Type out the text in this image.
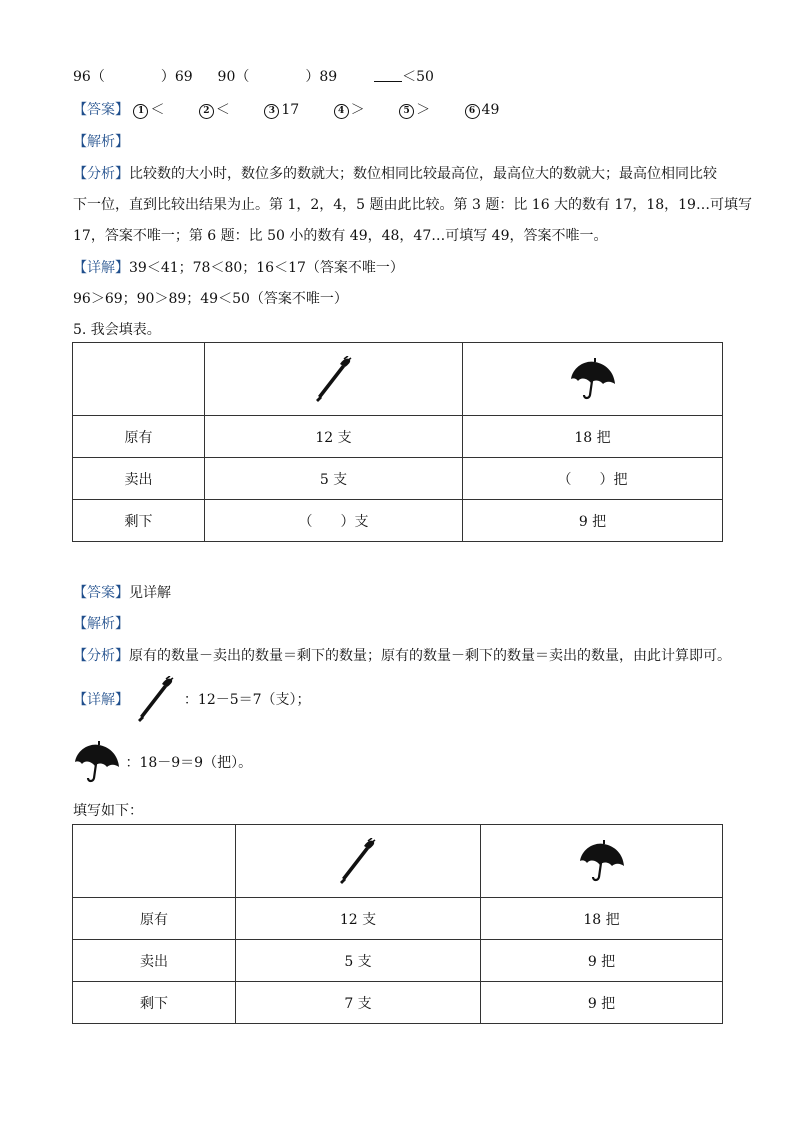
96（　　　　）69 90（　　　　）89	＜50
【答案】 1 ＜	2 ＜	3 17	4 ＞	5 ＞	6 49
【解析】
【分析】比较数的大小时，数位多的数就大；数位相同比较最高位，最高位大的数就大；最高位相同比较
下一位，直到比较出结果为止。第 1，2，4，5 题由此比较。第 3 题：比 16 大的数有 17，18，19…可填写
17，答案不唯一；第 6 题：比 50 小的数有 49，48，47…可填写 49，答案不唯一。
【详解】39＜41；78＜80；16＜17（答案不唯一）
96＞69；90＞89；49＜50（答案不唯一）
5. 我会填表。

原有	12 支	18 把
卖出	5 支	（　　）把
剩下	（　　）支	9 把
【答案】见详解
【解析】
【分析】原有的数量－卖出的数量＝剩下的数量；原有的数量－剩下的数量＝卖出的数量，由此计算即可。
【详解】	：12－5＝7（支）；
：18－9＝9（把）。
填写如下：

原有	12 支	18 把
卖出	5 支	9 把
剩下	7 支	9 把
